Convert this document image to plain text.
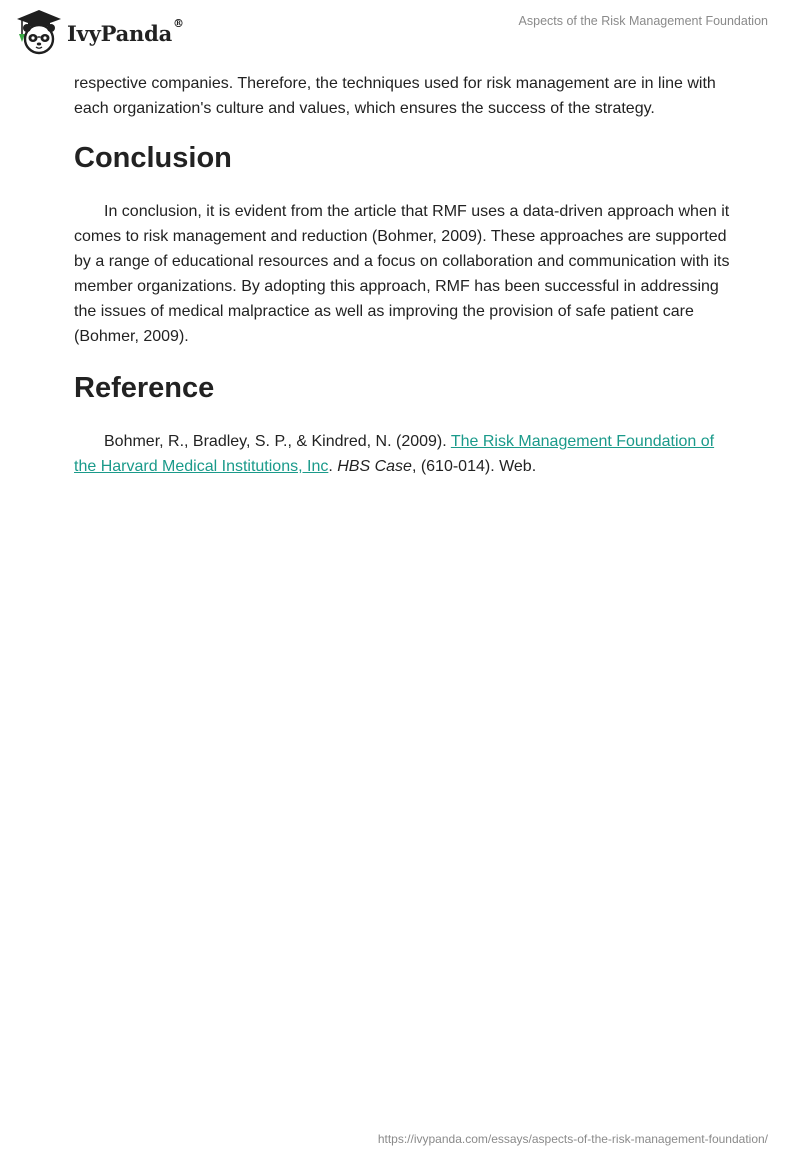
IvyPanda®	Aspects of the Risk Management Foundation

respective companies. Therefore, the techniques used for risk management are in line with each organization's culture and values, which ensures the success of the strategy.

Conclusion

In conclusion, it is evident from the article that RMF uses a data-driven approach when it comes to risk management and reduction (Bohmer, 2009). These approaches are supported by a range of educational resources and a focus on collaboration and communication with its member organizations. By adopting this approach, RMF has been successful in addressing the issues of medical malpractice as well as improving the provision of safe patient care (Bohmer, 2009).

Reference

Bohmer, R., Bradley, S. P., & Kindred, N. (2009). The Risk Management Foundation of the Harvard Medical Institutions, Inc. HBS Case, (610-014). Web.

https://ivypanda.com/essays/aspects-of-the-risk-management-foundation/
